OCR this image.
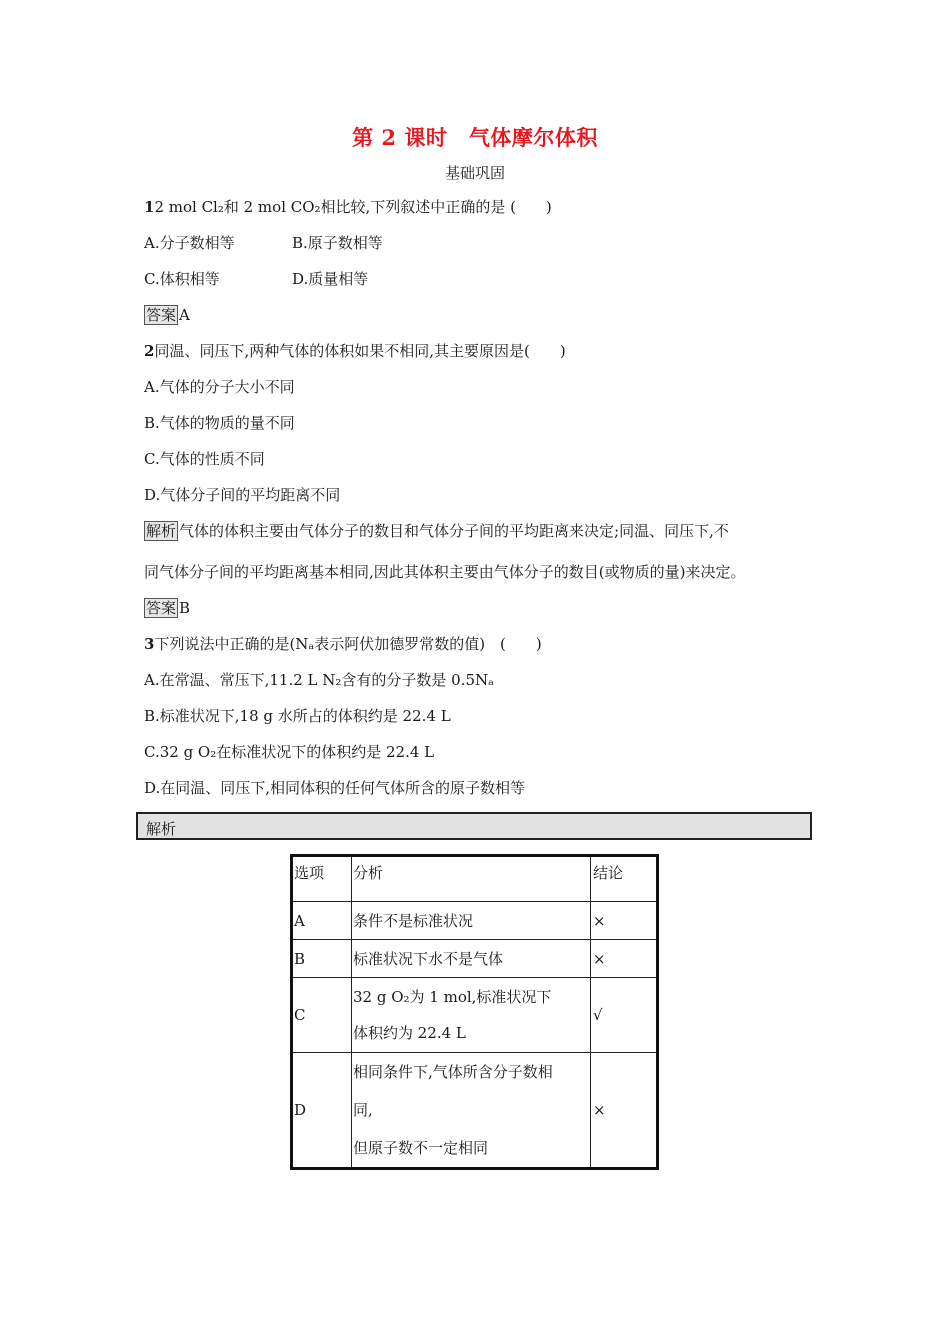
第 2 课时　气体摩尔体积
基础巩固
12 mol Cl₂和 2 mol CO₂相比较,下列叙述中正确的是 (　　)
A.分子数相等	B.原子数相等
C.体积相等	D.质量相等
答案 A
2同温、同压下,两种气体的体积如果不相同,其主要原因是(　　)
A.气体的分子大小不同
B.气体的物质的量不同
C.气体的性质不同
D.气体分子间的平均距离不同
解析 气体的体积主要由气体分子的数目和气体分子间的平均距离来决定;同温、同压下,不
同气体分子间的平均距离基本相同,因此其体积主要由气体分子的数目(或物质的量)来决定。
答案 B
3下列说法中正确的是(Nₐ表示阿伏加德罗常数的值)　(　　)
A.在常温、常压下,11.2 L N₂含有的分子数是 0.5Nₐ
B.标准状况下,18 g 水所占的体积约是 22.4 L
C.32 g O₂在标准状况下的体积约是 22.4 L
D.在同温、同压下,相同体积的任何气体所含的原子数相等
解析
选项	分析	结论
A	条件不是标准状况	×
B	标准状况下水不是气体	×
C	32 g O₂为 1 mol,标准状况下
体积约为 22.4 L	√
D	相同条件下,气体所含分子数相
同,
但原子数不一定相同	×
